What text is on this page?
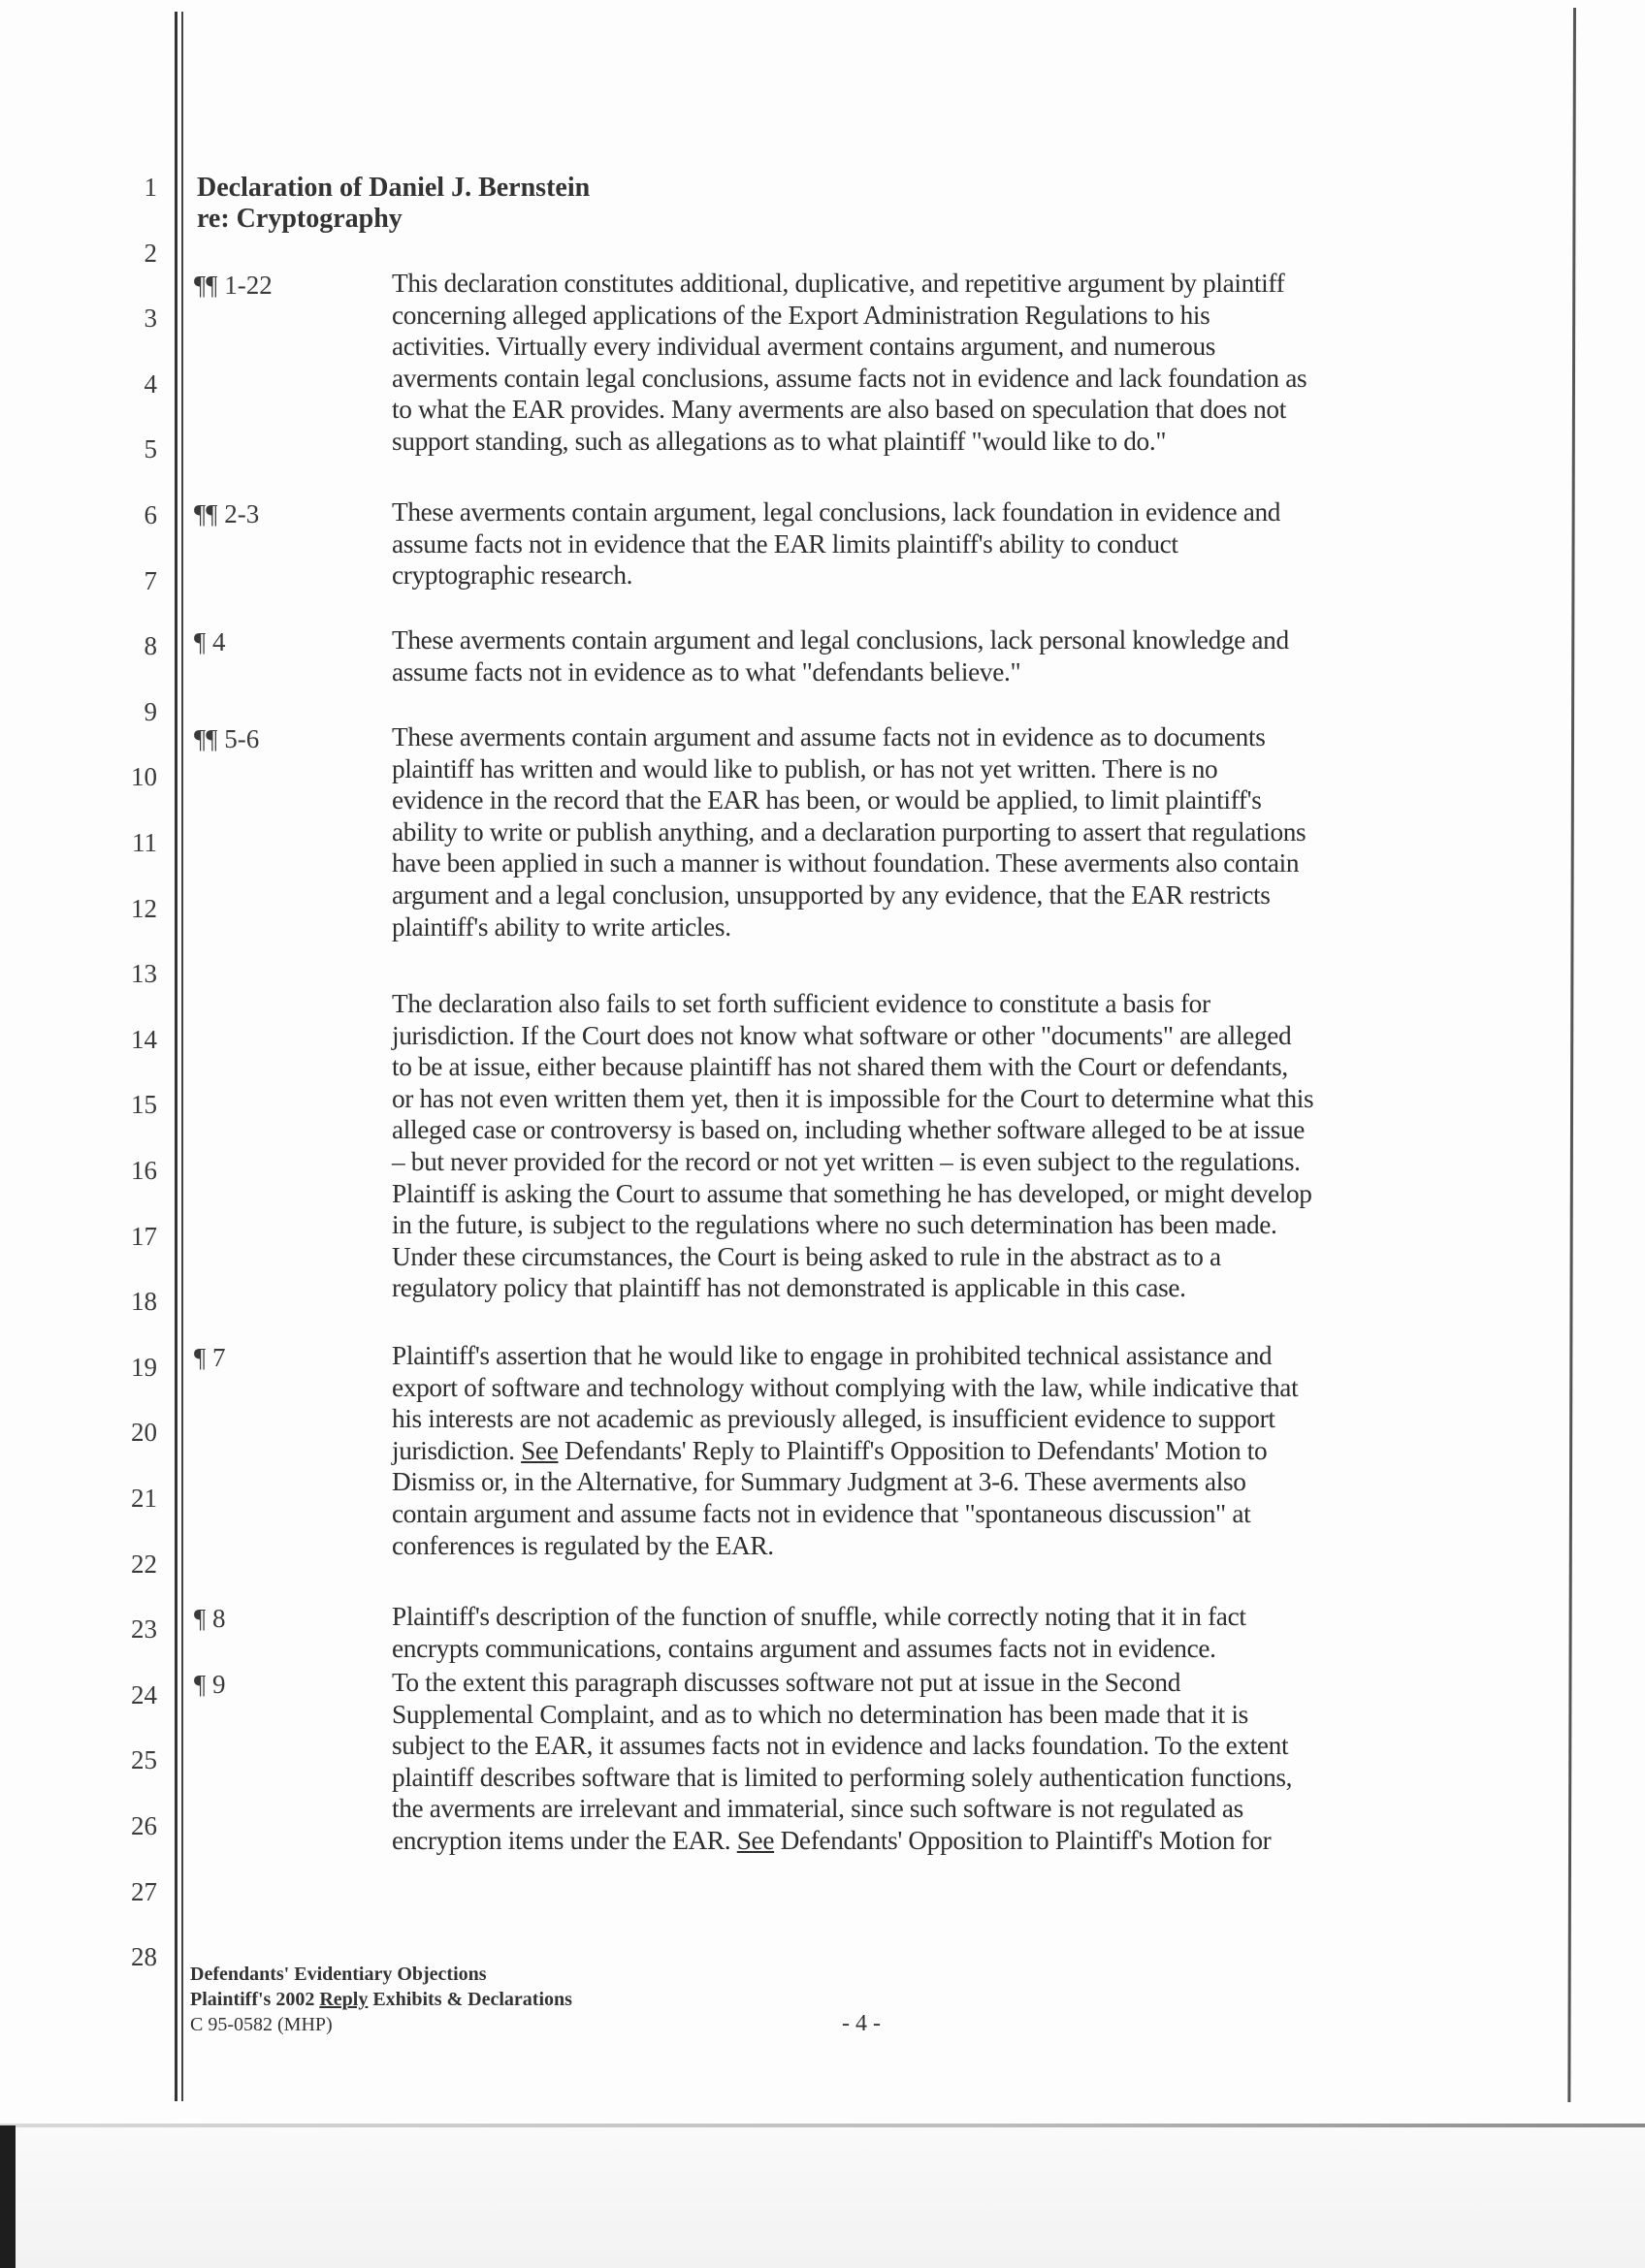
1
2
3
4
5
6
7
8
9
10
11
12
13
14
15
16
17
18
19
20
21
22
23
24
25
26
27
28
Declaration of Daniel J. Bernstein
re: Cryptography
¶¶ 1-22	This declaration constitutes additional, duplicative, and repetitive argument by plaintiff
concerning alleged applications of the Export Administration Regulations to his
activities. Virtually every individual averment contains argument, and numerous
averments contain legal conclusions, assume facts not in evidence and lack foundation as
to what the EAR provides. Many averments are also based on speculation that does not
support standing, such as allegations as to what plaintiff "would like to do."
¶¶ 2-3	These averments contain argument, legal conclusions, lack foundation in evidence and
assume facts not in evidence that the EAR limits plaintiff's ability to conduct
cryptographic research.
¶ 4	These averments contain argument and legal conclusions, lack personal knowledge and
assume facts not in evidence as to what "defendants believe."
¶¶ 5-6	These averments contain argument and assume facts not in evidence as to documents
plaintiff has written and would like to publish, or has not yet written. There is no
evidence in the record that the EAR has been, or would be applied, to limit plaintiff's
ability to write or publish anything, and a declaration purporting to assert that regulations
have been applied in such a manner is without foundation. These averments also contain
argument and a legal conclusion, unsupported by any evidence, that the EAR restricts
plaintiff's ability to write articles.
The declaration also fails to set forth sufficient evidence to constitute a basis for
jurisdiction. If the Court does not know what software or other "documents" are alleged
to be at issue, either because plaintiff has not shared them with the Court or defendants,
or has not even written them yet, then it is impossible for the Court to determine what this
alleged case or controversy is based on, including whether software alleged to be at issue
– but never provided for the record or not yet written – is even subject to the regulations.
Plaintiff is asking the Court to assume that something he has developed, or might develop
in the future, is subject to the regulations where no such determination has been made.
Under these circumstances, the Court is being asked to rule in the abstract as to a
regulatory policy that plaintiff has not demonstrated is applicable in this case.
¶ 7	Plaintiff's assertion that he would like to engage in prohibited technical assistance and
export of software and technology without complying with the law, while indicative that
his interests are not academic as previously alleged, is insufficient evidence to support
jurisdiction. See Defendants' Reply to Plaintiff's Opposition to Defendants' Motion to
Dismiss or, in the Alternative, for Summary Judgment at 3-6. These averments also
contain argument and assume facts not in evidence that "spontaneous discussion" at
conferences is regulated by the EAR.
¶ 8	Plaintiff's description of the function of snuffle, while correctly noting that it in fact
encrypts communications, contains argument and assumes facts not in evidence.
¶ 9	To the extent this paragraph discusses software not put at issue in the Second
Supplemental Complaint, and as to which no determination has been made that it is
subject to the EAR, it assumes facts not in evidence and lacks foundation. To the extent
plaintiff describes software that is limited to performing solely authentication functions,
the averments are irrelevant and immaterial, since such software is not regulated as
encryption items under the EAR. See Defendants' Opposition to Plaintiff's Motion for
Defendants' Evidentiary Objections
Plaintiff's 2002 Reply Exhibits & Declarations
C 95-0582 (MHP)	- 4 -
